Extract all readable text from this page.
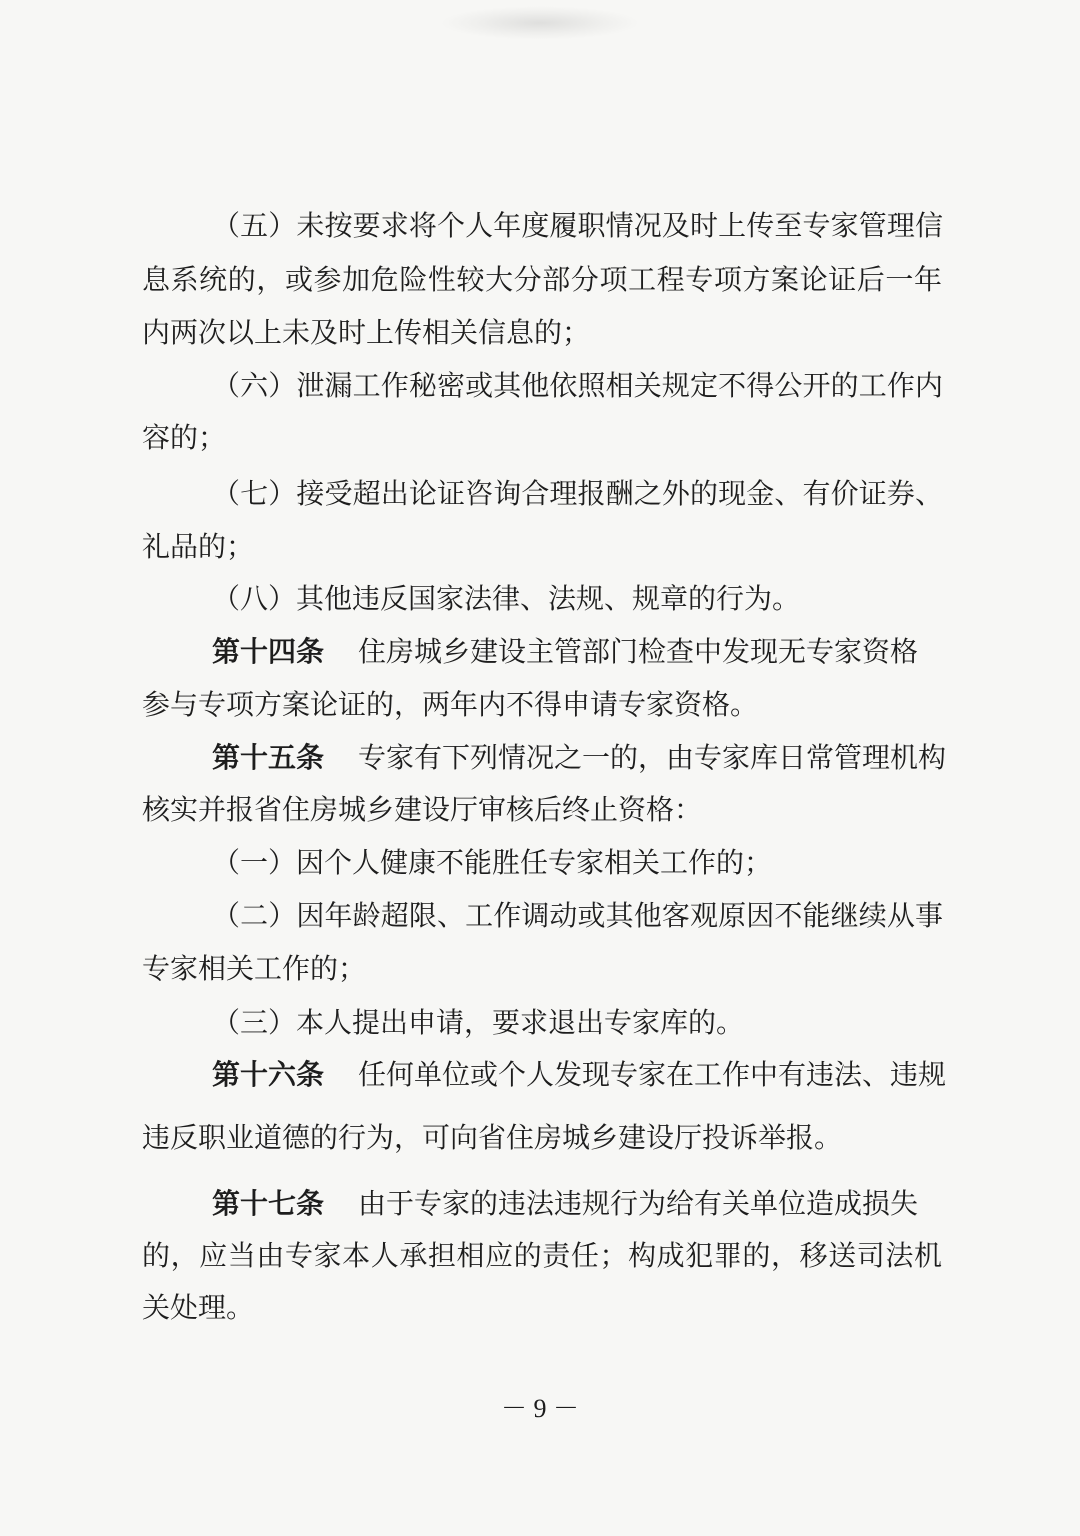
（五）未按要求将个人年度履职情况及时上传至专家管理信
息系统的，或参加危险性较大分部分项工程专项方案论证后一年
内两次以上未及时上传相关信息的；
（六）泄漏工作秘密或其他依照相关规定不得公开的工作内
容的；
（七）接受超出论证咨询合理报酬之外的现金、有价证券、
礼品的；
（八）其他违反国家法律、法规、规章的行为。
第十四条 住房城乡建设主管部门检查中发现无专家资格
参与专项方案论证的，两年内不得申请专家资格。
第十五条 专家有下列情况之一的，由专家库日常管理机构
核实并报省住房城乡建设厅审核后终止资格：
（一）因个人健康不能胜任专家相关工作的；
（二）因年龄超限、工作调动或其他客观原因不能继续从事
专家相关工作的；
（三）本人提出申请，要求退出专家库的。
第十六条 任何单位或个人发现专家在工作中有违法、违规
违反职业道德的行为，可向省住房城乡建设厅投诉举报。
第十七条 由于专家的违法违规行为给有关单位造成损失
的，应当由专家本人承担相应的责任；构成犯罪的，移送司法机
关处理。
－ 9 －
